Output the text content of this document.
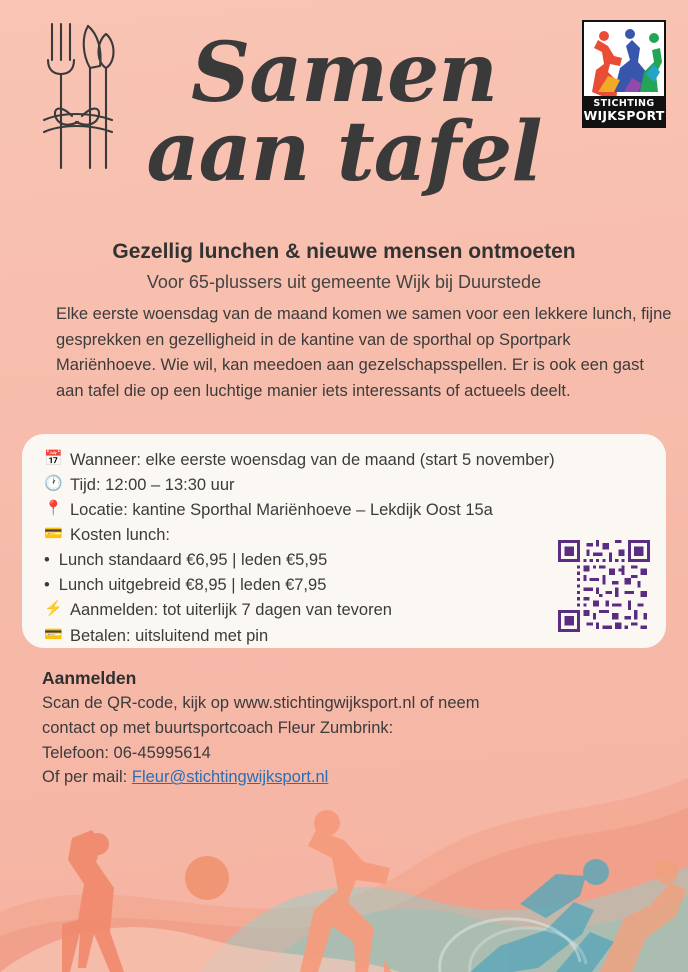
STICHTING
WIJKSPORT
Samen
aan tafel
Gezellig lunchen & nieuwe mensen ontmoeten
Voor 65-plussers uit gemeente Wijk bij Duurstede
Elke eerste woensdag van de maand komen we samen voor een lekkere lunch, fijne gesprekken en gezelligheid in de kantine van de sporthal op Sportpark Mariënhoeve. Wie wil, kan meedoen aan gezelschapsspellen. Er is ook een gast aan tafel die op een luchtige manier iets interessants of actueels deelt.
📅 Wanneer: elke eerste woensdag van de maand (start 5 november)
🕐 Tijd: 12:00 – 13:30 uur
📍 Locatie: kantine Sporthal Mariënhoeve – Lekdijk Oost 15a
💳 Kosten lunch:
• Lunch standaard €6,95 | leden €5,95
• Lunch uitgebreid €8,95 | leden €7,95
⚡ Aanmelden: tot uiterlijk 7 dagen van tevoren
💳 Betalen: uitsluitend met pin
Aanmelden

Scan de QR-code, kijk op www.stichtingwijksport.nl of neem

contact op met buurtsportcoach Fleur Zumbrink:

Telefoon: 06-45995614

Of per mail: Fleur@stichtingwijksport.nl
